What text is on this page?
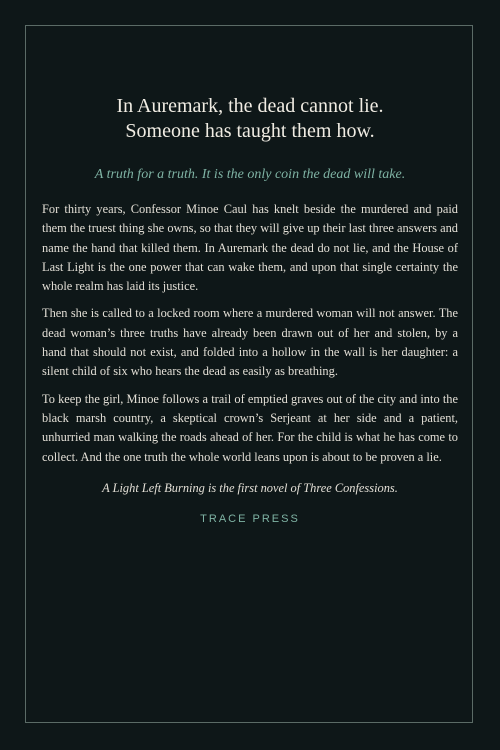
In Auremark, the dead cannot lie.
Someone has taught them how.

A truth for a truth. It is the only coin the dead will take.

For thirty years, Confessor Minoe Caul has knelt beside the murdered and paid them the truest thing she owns, so that they will give up their last three answers and name the hand that killed them. In Auremark the dead do not lie, and the House of Last Light is the one power that can wake them, and upon that single certainty the whole realm has laid its justice.

Then she is called to a locked room where a murdered woman will not answer. The dead woman’s three truths have already been drawn out of her and stolen, by a hand that should not exist, and folded into a hollow in the wall is her daughter: a silent child of six who hears the dead as easily as breathing.

To keep the girl, Minoe follows a trail of emptied graves out of the city and into the black marsh country, a skeptical crown’s Serjeant at her side and a patient, unhurried man walking the roads ahead of her. For the child is what he has come to collect. And the one truth the whole world leans upon is about to be proven a lie.

A Light Left Burning is the first novel of Three Confessions.

TRACE PRESS
